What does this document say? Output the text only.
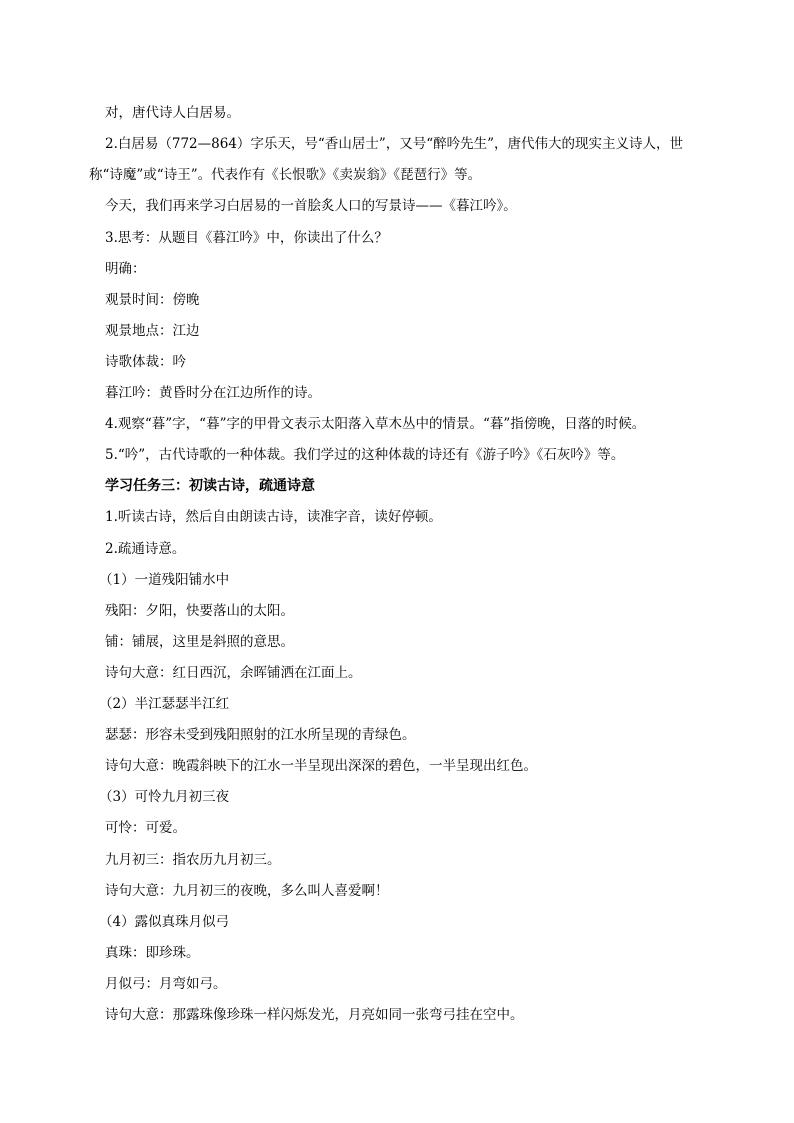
对，唐代诗人白居易。
2.白居易（772—864）字乐天，号“香山居士”，又号“醉吟先生”，唐代伟大的现实主义诗人，世
称“诗魔”或“诗王”。代表作有《长恨歌》《卖炭翁》《琵琶行》等。
今天，我们再来学习白居易的一首脍炙人口的写景诗——《暮江吟》。
3.思考：从题目《暮江吟》中，你读出了什么？
明确：
观景时间：傍晚
观景地点：江边
诗歌体裁：吟
暮江吟：黄昏时分在江边所作的诗。
4.观察“暮”字，“暮”字的甲骨文表示太阳落入草木丛中的情景。“暮”指傍晚，日落的时候。
5.“吟”，古代诗歌的一种体裁。我们学过的这种体裁的诗还有《游子吟》《石灰吟》等。
学习任务三：初读古诗，疏通诗意
1.听读古诗，然后自由朗读古诗，读准字音，读好停顿。
2.疏通诗意。
（1）一道残阳铺水中
残阳：夕阳，快要落山的太阳。
铺：铺展，这里是斜照的意思。
诗句大意：红日西沉，余晖铺洒在江面上。
（2）半江瑟瑟半江红
瑟瑟：形容未受到残阳照射的江水所呈现的青绿色。
诗句大意：晚霞斜映下的江水一半呈现出深深的碧色，一半呈现出红色。
（3）可怜九月初三夜
可怜：可爱。
九月初三：指农历九月初三。
诗句大意：九月初三的夜晚，多么叫人喜爱啊！
（4）露似真珠月似弓
真珠：即珍珠。
月似弓：月弯如弓。
诗句大意：那露珠像珍珠一样闪烁发光，月亮如同一张弯弓挂在空中。
